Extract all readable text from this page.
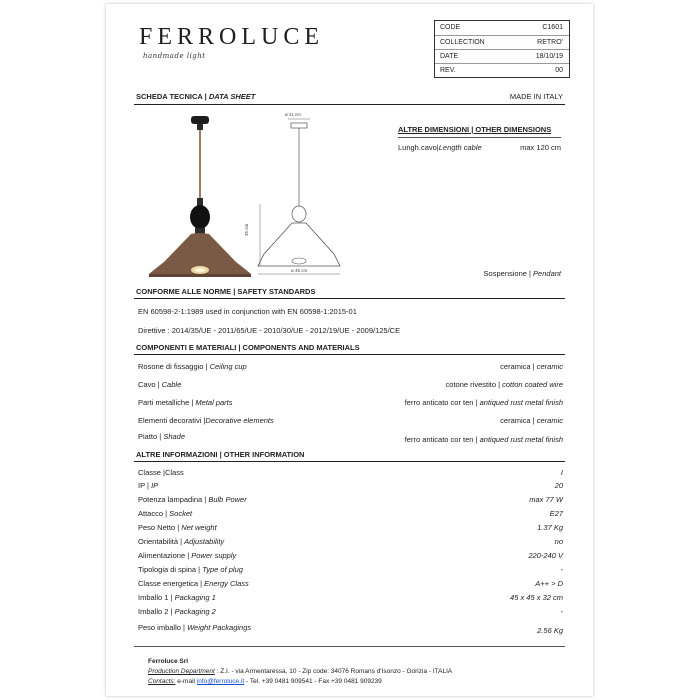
FERROLUCE
handmade light
CODE	C1601
COLLECTION	RETRO'
DATE	18/10/19
REV.	00
SCHEDA TECNICA | DATA SHEET	MADE IN ITALY
ø 11 cm
35 cm
ø 45 cm
ALTRE DIMENSIONI | OTHER DIMENSIONS
Lungh.cavo|Length cable	max 120 cm
Sospensione | Pendant
CONFORME ALLE NORME | SAFETY STANDARDS
EN 60598-2-1:1989 used in conjunction with EN 60598-1:2015-01
Direttive : 2014/35/UE - 2011/65/UE - 2010/30/UE - 2012/19/UE - 2009/125/CE
COMPONENTI E MATERIALI | COMPONENTS AND MATERIALS
Rosone di fissaggio | Ceiling cup	ceramica | ceramic
Cavo | Cable	cotone rivestito | cotton coated wire
Parti metalliche | Metal parts	ferro anticato cor ten | antiqued rust metal finish
Elementi decorativi |Decorative elements	ceramica | ceramic
Piatto | Shade	ferro anticato cor ten | antiqued rust metal finish
ALTRE INFORMAZIONI | OTHER INFORMATION
Classe |Class	I
IP | IP	20
Potenza lampadina | Bulb Power	max 77 W
Attacco | Socket	E27
Peso Netto | Net weight	1.37 Kg
Orientabilità | Adjustability	no
Alimentazione | Power supply	220-240 V
Tipologia di spina | Type of plug	-
Classe energetica | Energy Class	A++ > D
Imballo 1 | Packaging 1	45 x 45 x 32 cm
Imballo 2 | Packaging 2	-
Peso imballo | Weight Packagings	2.56 Kg
Ferroluce Srl
Production Department : Z.I. - via Armentaressa, 10 - Zip code: 34076 Romans d'Isonzo - Gorizia - ITALIA
Contacts: e-mail info@ferroluce.it - Tel. +39 0481 909541 - Fax +39 0481 909239
